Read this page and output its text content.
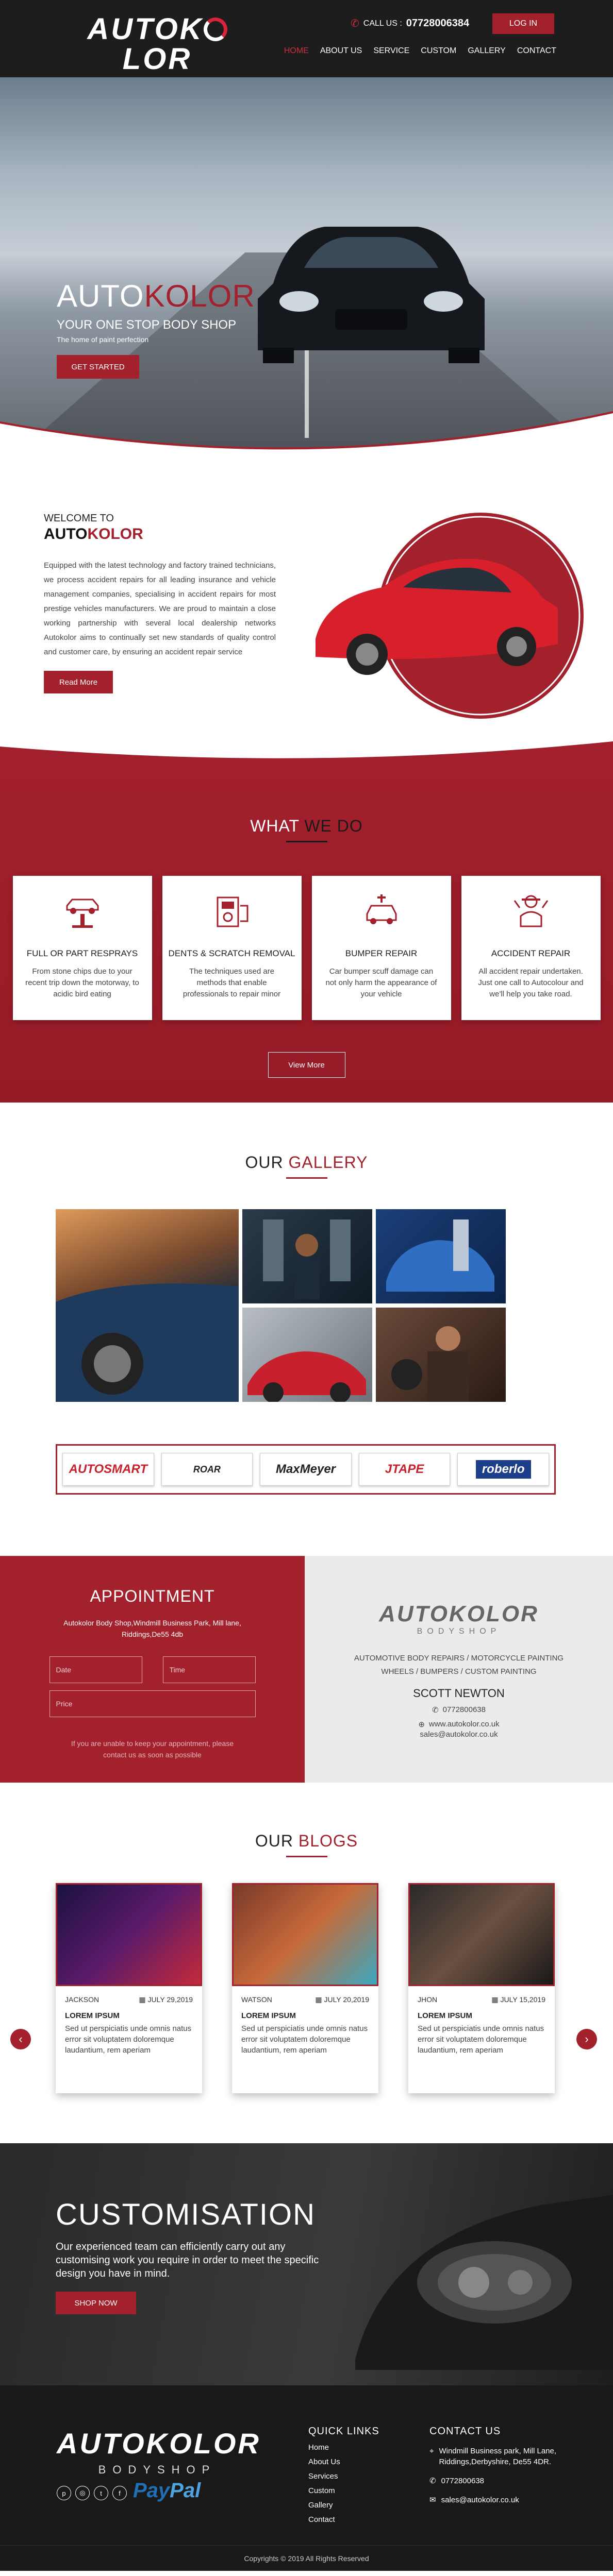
AUTOKLOR
✆ CALL US : 07728006384	LOG IN
HOME ABOUT US SERVICE CUSTOM GALLERY CONTACT
AUTOKOLOR
YOUR ONE STOP BODY SHOP
The home of paint perfection
GET STARTED
WELCOME TO
AUTOKOLOR

Equipped with the latest technology and factory trained technicians, we process accident repairs for all leading insurance and vehicle management companies, specialising in accident repairs for most prestige vehicles manufacturers. We are proud to maintain a close working partnership with several local dealership networks Autokolor aims to continually set new standards of quality control and customer care, by ensuring an accident repair service

Read More
WHAT WE DO
FULL OR PART RESPRAYS
From stone chips due to your recent trip down the motorway, to acidic bird eating
DENTS & SCRATCH REMOVAL
The techniques used are methods that enable professionals to repair minor
BUMPER REPAIR
Car bumper scuff damage can not only harm the appearance of your vehicle
ACCIDENT REPAIR
All accident repair undertaken. Just one call to Autocolour and we'll help you take road.
View More
OUR GALLERY
AUTOSMART	ROAR	MaxMeyer	JTAPE	roberlo
APPOINTMENT
Autokolor Body Shop,Windmill Business Park, Mill lane, Riddings,De55 4db
Date
Time
Price
If you are unable to keep your appointment, please contact us as soon as possible
AUTOKOLOR
BODYSHOP
AUTOMOTIVE BODY REPAIRS / MOTORCYCLE PAINTING WHEELS / BUMPERS / CUSTOM PAINTING
SCOTT NEWTON
✆ 0772800638
⊕ www.autokolor.co.uk
sales@autokolor.co.uk
OUR BLOGS
‹	›
JACKSON	▦ JULY 29,2019
LOREM IPSUM

Sed ut perspiciatis unde omnis natus error sit voluptatem doloremque laudantium, rem aperiam

WATSON	▦ JULY 20,2019
LOREM IPSUM

Sed ut perspiciatis unde omnis natus error sit voluptatem doloremque laudantium, rem aperiam

JHON	▦ JULY 15,2019
LOREM IPSUM

Sed ut perspiciatis unde omnis natus error sit voluptatem doloremque laudantium, rem aperiam

CUSTOMISATION

Our experienced team can efficiently carry out any customising work you require in order to meet the specific design you have in mind.

SHOP NOW
AUTOKOLOR
BODYSHOP
p	◎	t	f PayPal
QUICK LINKS
Home
About Us
Services
Custom
Gallery
Contact
CONTACT US
⌖ Windmill Business park, Mill Lane, Riddings,Derbyshire, De55 4DR.
✆ 0772800638
✉ sales@autokolor.co.uk
Copyrights © 2019 All Rights Reserved
